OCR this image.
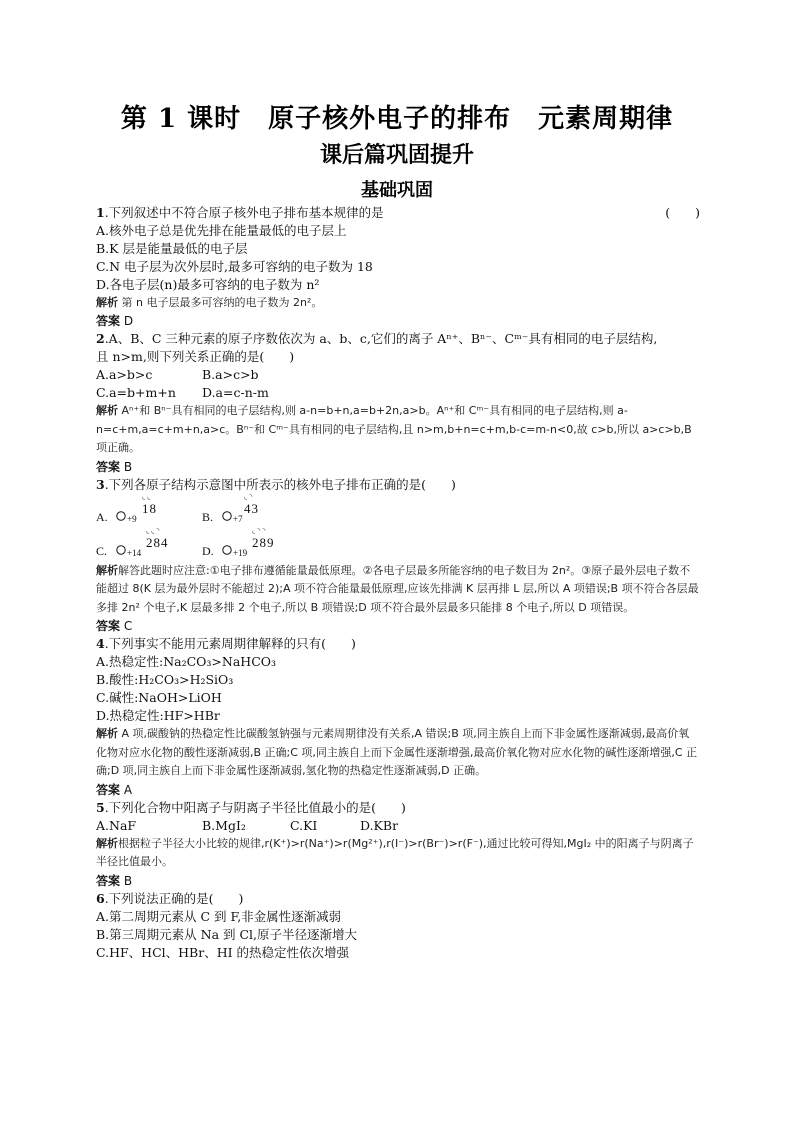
第 1 课时　原子核外电子的排布　元素周期律
课后篇巩固提升
基础巩固
1.下列叙述中不符合原子核外电子排布基本规律的是	(　　)
A.核外电子总是优先排在能量最低的电子层上
B.K 层是能量最低的电子层
C.N 电子层为次外层时,最多可容纳的电子数为 18
D.各电子层(n)最多可容纳的电子数为 n²
解析 第 n 电子层最多可容纳的电子数为 2n²。
答案 D
2.A、B、C 三种元素的原子序数依次为 a、b、c,它们的离子 Aⁿ⁺、Bⁿ⁻、Cᵐ⁻具有相同的电子层结构,
且 n>m,则下列关系正确的是(　　)
A.a>b>c	B.a>c>b
C.a=b+m+n D.a=c-n-m
解析 Aⁿ⁺和 Bⁿ⁻具有相同的电子层结构,则 a-n=b+n,a=b+2n,a>b。Aⁿ⁺和 Cᵐ⁻具有相同的电子层结构,则 a-n=c+m,a=c+m+n,a>c。Bⁿ⁻和 Cᵐ⁻具有相同的电子层结构,且 n>m,b+n=c+m,b-c=m-n<0,故 c>b,所以 a>c>b,B 项正确。
答案 B
3.下列各原子结构示意图中所表示的核外电子排布正确的是(　　)
A. +9
18
◟ ◟
B. +7
43
◟ ◝
C. +14
284
◟ ◟ ◝
D. +19
289
◟ ◝ ◝
解析解答此题时应注意:①电子排布遵循能量最低原理。②各电子层最多所能容纳的电子数目为 2n²。③原子最外层电子数不能超过 8(K 层为最外层时不能超过 2);A 项不符合能量最低原理,应该先排满 K 层再排 L 层,所以 A 项错误;B 项不符合各层最多排 2n² 个电子,K 层最多排 2 个电子,所以 B 项错误;D 项不符合最外层最多只能排 8 个电子,所以 D 项错误。
答案 C
4.下列事实不能用元素周期律解释的只有(　　)
A.热稳定性:Na₂CO₃>NaHCO₃
B.酸性:H₂CO₃>H₂SiO₃
C.碱性:NaOH>LiOH
D.热稳定性:HF>HBr
解析 A 项,碳酸钠的热稳定性比碳酸氢钠强与元素周期律没有关系,A 错误;B 项,同主族自上而下非金属性逐渐减弱,最高价氧化物对应水化物的酸性逐渐减弱,B 正确;C 项,同主族自上而下金属性逐渐增强,最高价氧化物对应水化物的碱性逐渐增强,C 正确;D 项,同主族自上而下非金属性逐渐减弱,氢化物的热稳定性逐渐减弱,D 正确。
答案 A
5.下列化合物中阳离子与阴离子半径比值最小的是(　　)
A.NaF	B.MgI₂	C.KI	D.KBr
解析根据粒子半径大小比较的规律,r(K⁺)>r(Na⁺)>r(Mg²⁺),r(I⁻)>r(Br⁻)>r(F⁻),通过比较可得知,MgI₂ 中的阳离子与阴离子半径比值最小。
答案 B
6.下列说法正确的是(　　)
A.第二周期元素从 C 到 F,非金属性逐渐减弱
B.第三周期元素从 Na 到 Cl,原子半径逐渐增大
C.HF、HCl、HBr、HI 的热稳定性依次增强
